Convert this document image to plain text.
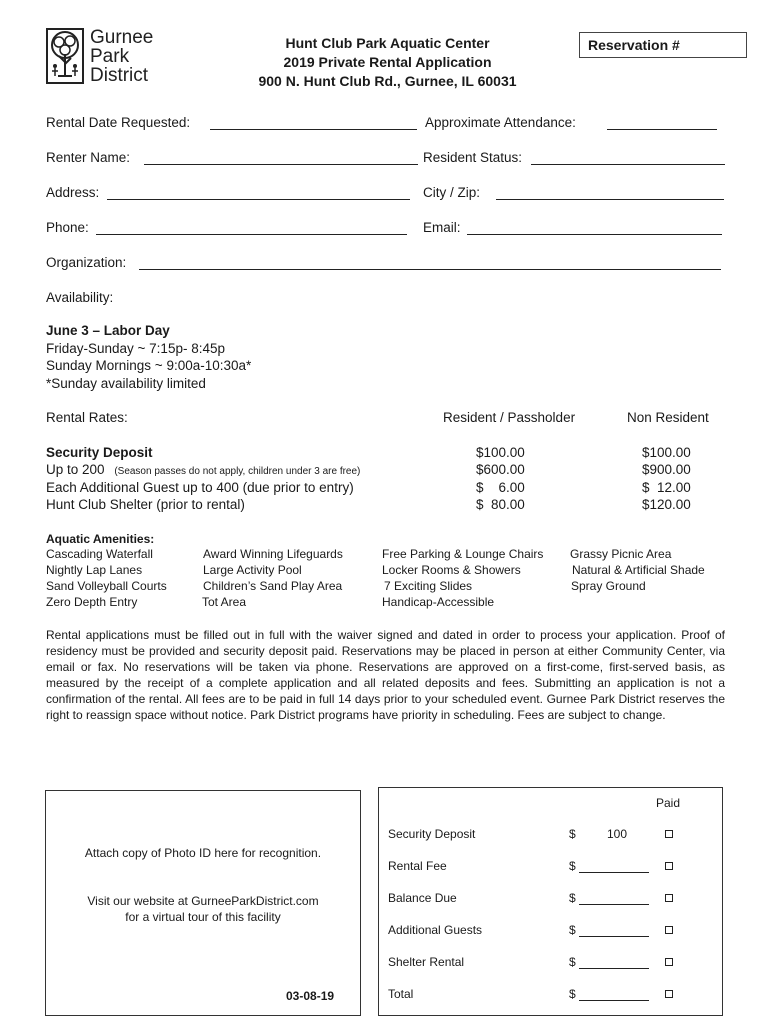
Gurnee
Park
District
Hunt Club Park Aquatic Center
2019 Private Rental Application
900 N. Hunt Club Rd., Gurnee, IL 60031
Reservation #
Rental Date Requested:	Approximate Attendance:
Renter Name:	Resident Status:
Address:	City / Zip:
Phone:	Email:
Organization:
Availability:
June 3 – Labor Day
Friday-Sunday ~ 7:15p- 8:45p
Sunday Mornings ~ 9:00a-10:30a*
*Sunday availability limited
Rental Rates:	Resident / Passholder	Non Resident
Security Deposit	$100.00	$100.00
Up to 200 (Season passes do not apply, children under 3 are free)	$600.00	$900.00
Each Additional Guest up to 400 (due prior to entry)	$    6.00	$  12.00
Hunt Club Shelter (prior to rental)	$  80.00	$120.00
Aquatic Amenities:
Cascading Waterfall
Nightly Lap Lanes
Sand Volleyball Courts
Zero Depth Entry
Award Winning Lifeguards
Large Activity Pool
Children’s Sand Play Area
Tot Area
Free Parking & Lounge Chairs
Locker Rooms & Showers
7 Exciting Slides
Handicap-Accessible
Grassy Picnic Area
Natural & Artificial Shade
Spray Ground
Rental applications must be filled out in full with the waiver signed and dated in order to process your application. Proof of residency must be provided and security deposit paid. Reservations may be placed in person at either Community Center, via email or fax. No reservations will be taken via phone. Reservations are approved on a first-come, first-served basis, as measured by the receipt of a complete application and all related deposits and fees. Submitting an application is not a confirmation of the rental. All fees are to be paid in full 14 days prior to your scheduled event. Gurnee Park District reserves the right to reassign space without notice. Park District programs have priority in scheduling. Fees are subject to change.
Attach copy of Photo ID here for recognition.
Visit our website at GurneeParkDistrict.com
for a virtual tour of this facility
03-08-19
Paid
Security Deposit	$	100
Rental Fee	$
Balance Due	$
Additional Guests	$
Shelter Rental	$
Total	$
